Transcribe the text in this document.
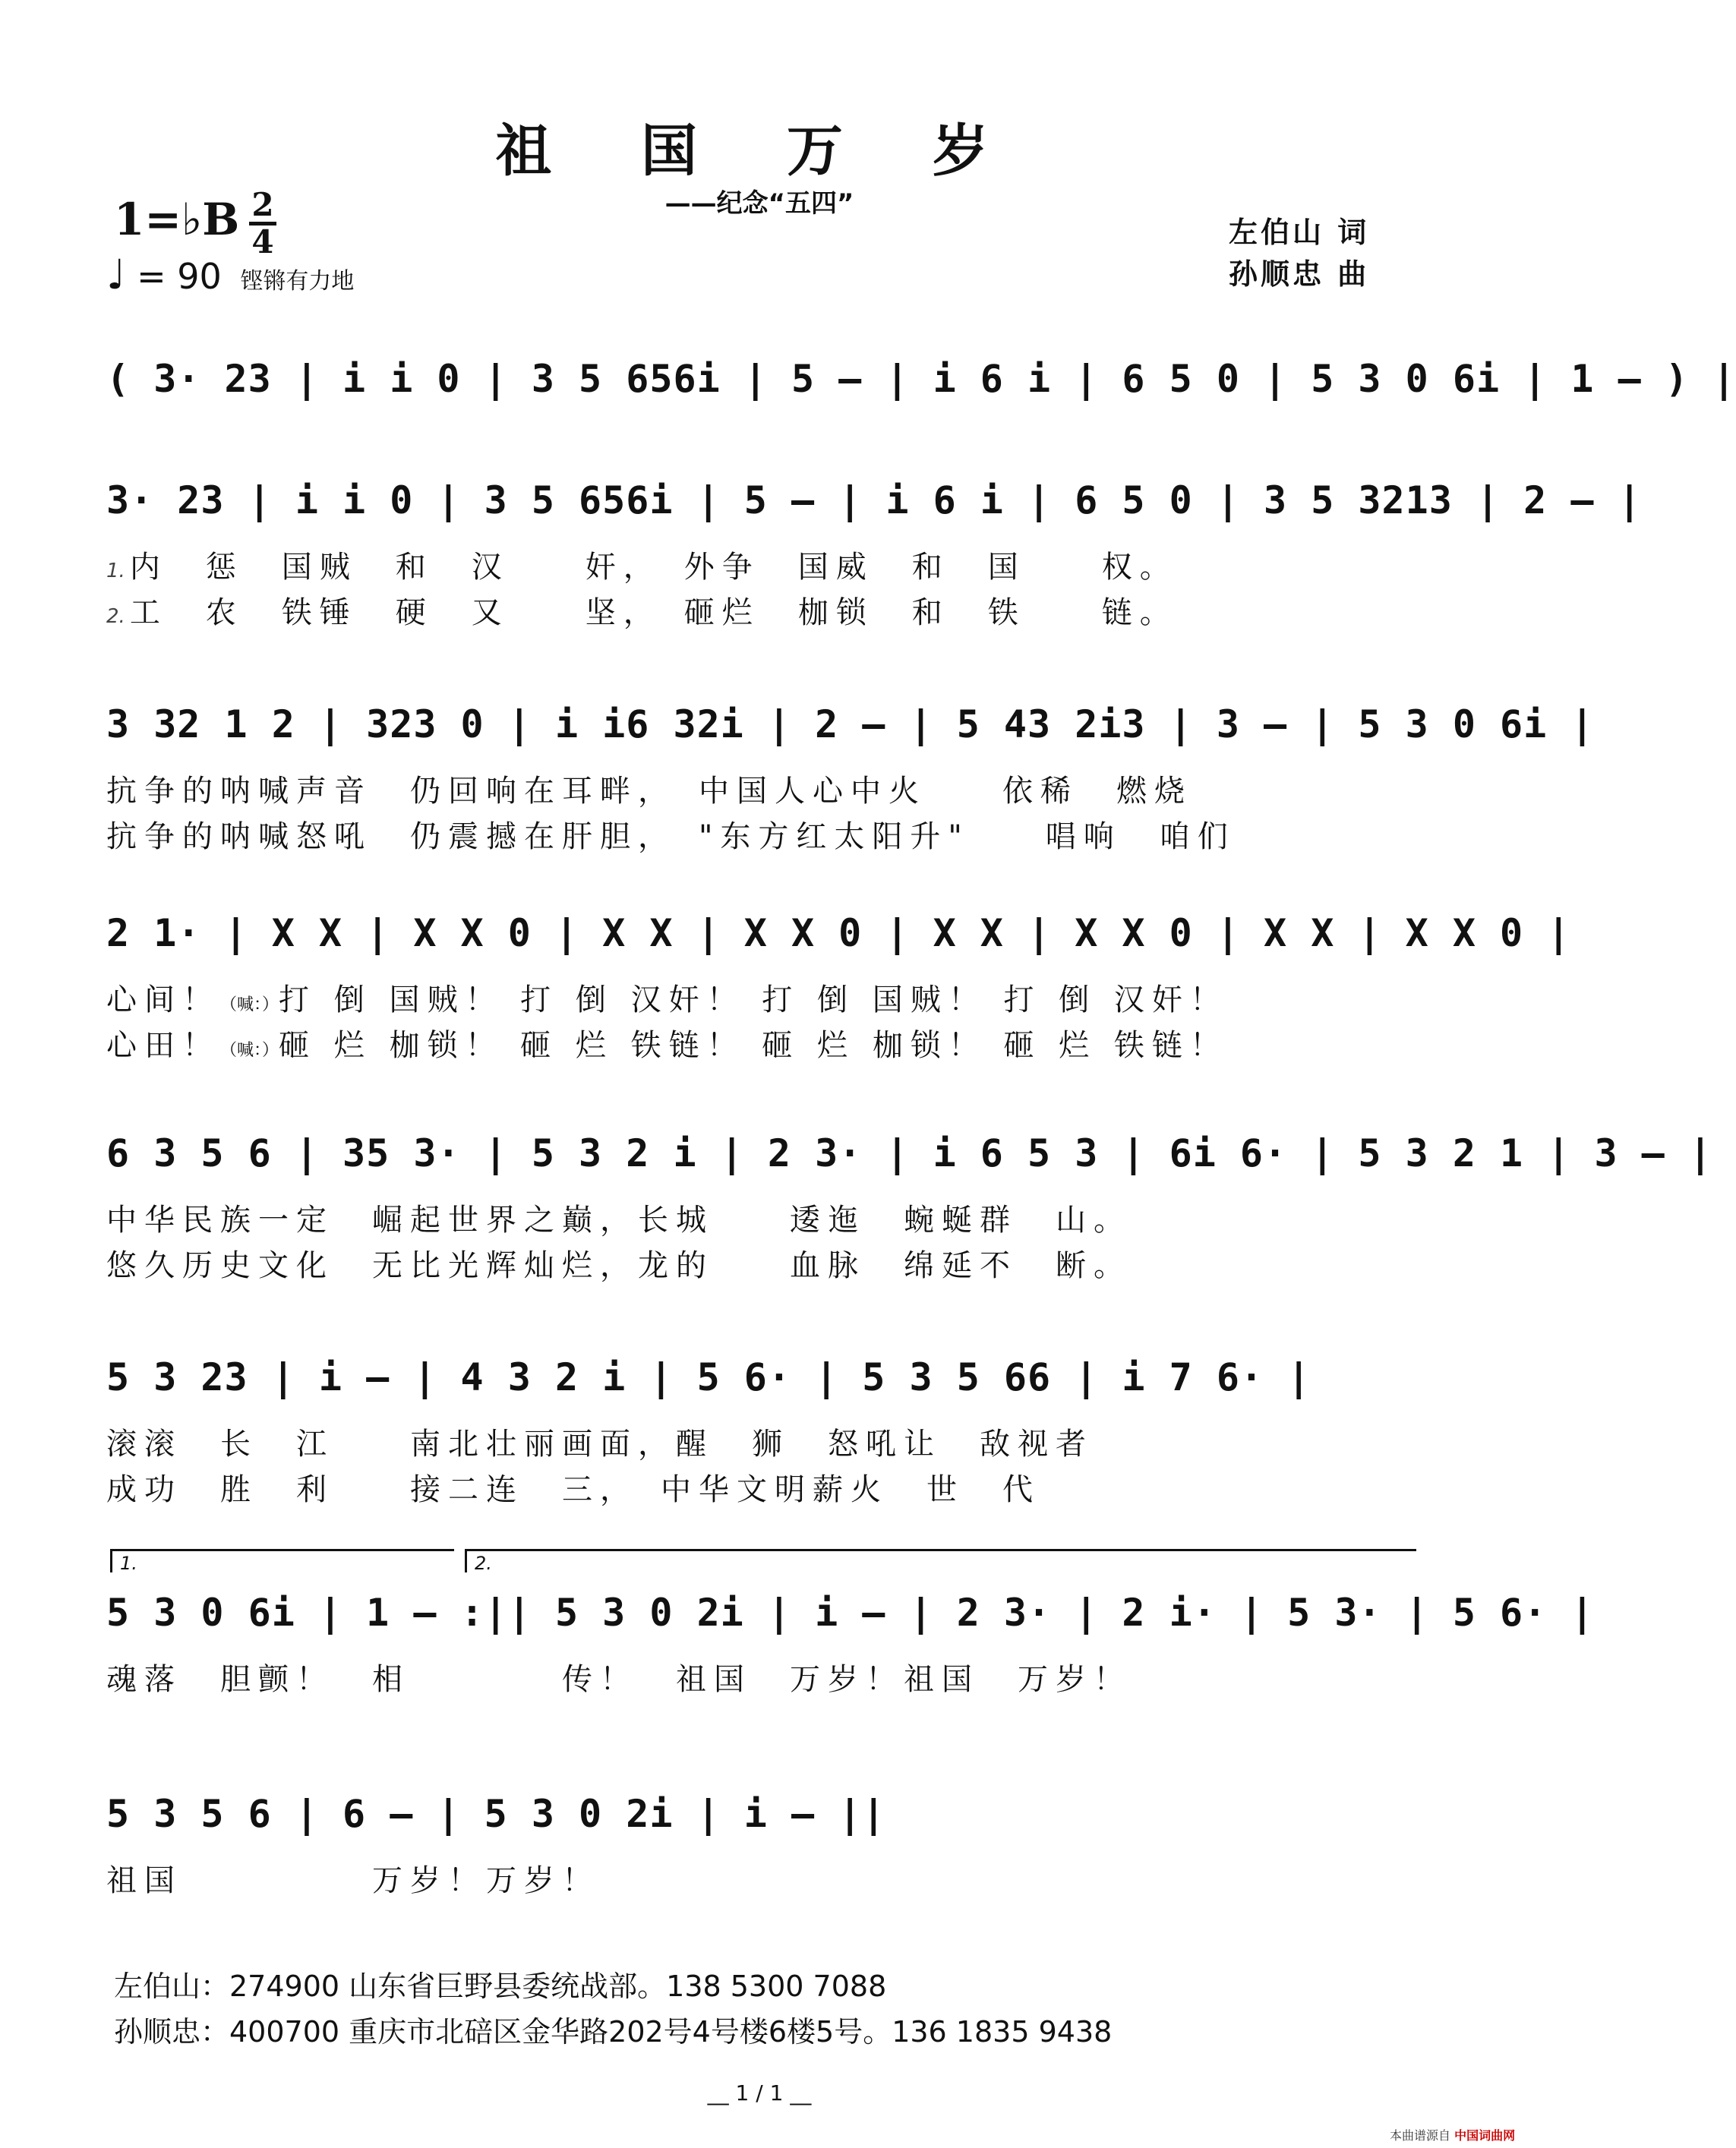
祖 国 万 岁
——纪念“五四”
1=♭B 2
4
♩ = 90 铿锵有力地
左伯山 词
孙顺忠 曲
( 3· 23 | i i 0 | 3 5 656i | 5 – | i 6 i | 6 5 0 | 5 3 0 6i | 1 – ) |
3· 23 | i i 0 | 3 5 656i | 5 – | i 6 i | 6 5 0 | 3 5 3213 | 2 – |
1. 内　惩　国贼　和　汉　　奸，　外争　国威　和　国　　权。
2. 工　农　铁锤　硬　又　　坚，　砸烂　枷锁　和　铁　　链。
3 32 1 2 | 323 0 | i i6 32i | 2 – | 5 43 2i3 | 3 – | 5 3 0 6i |
抗争的呐喊声音　仍回响在耳畔，　中国人心中火　　依稀　燃烧
抗争的呐喊怒吼　仍震撼在肝胆，　"东方红太阳升"　　唱响　咱们
2 1· | X X | X X 0 | X X | X X 0 | X X | X X 0 | X X | X X 0 |
心间！（喊：）打 倒 国贼！ 打 倒 汉奸！ 打 倒 国贼！ 打 倒 汉奸！
心田！（喊：）砸 烂 枷锁！ 砸 烂 铁链！ 砸 烂 枷锁！ 砸 烂 铁链！
6 3 5 6 | 35 3· | 5 3 2 i | 2 3· | i 6 5 3 | 6i 6· | 5 3 2 1 | 3 – |
中华民族一定　崛起世界之巅，长城　　逶迤　蜿蜒群　山。
悠久历史文化　无比光辉灿烂，龙的　　血脉　绵延不　断。
5 3 23 | i – | 4 3 2 i | 5 6· | 5 3 5 66 | i 7 6· |
滚滚　长　江　　南北壮丽画面，醒　狮　怒吼让　敌视者
成功　胜　利　　接二连　三，　中华文明薪火　世　代
1.	2.
5 3 0 6i | 1 – :|| 5 3 0 2i | i – | 2 3· | 2 i· | 5 3· | 5 6· |
魂落　胆颤！　相　　　　传！　祖国　万岁！祖国　万岁！
5 3 5 6 | 6 – | 5 3 0 2i | i – ||
祖国　　　　　万岁！万岁！
左伯山：274900 山东省巨野县委统战部。138 5300 7088
孙顺忠：400700 重庆市北碚区金华路202号4号楼6楼5号。136 1835 9438
__ 1 / 1 __
本曲谱源自 中国词曲网
